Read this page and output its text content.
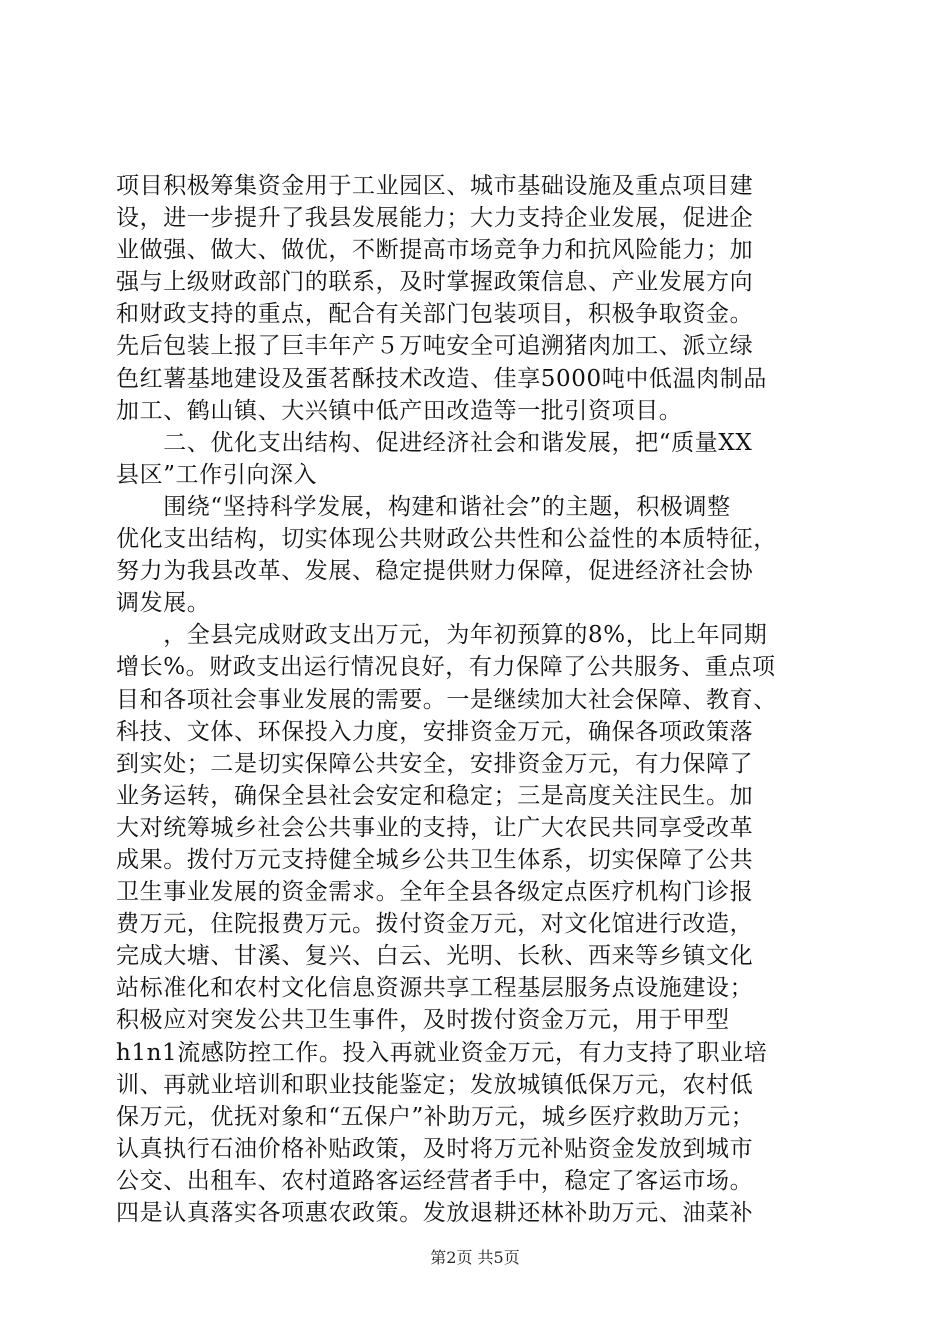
项目积极筹集资金用于工业园区、城市基础设施及重点项目建
设，进一步提升了我县发展能力；大力支持企业发展，促进企
业做强、做大、做优，不断提高市场竞争力和抗风险能力；加
强与上级财政部门的联系，及时掌握政策信息、产业发展方向
和财政支持的重点，配合有关部门包装项目，积极争取资金。
先后包装上报了巨丰年产５万吨安全可追溯猪肉加工、派立绿
色红薯基地建设及蛋茗酥技术改造、佳享5000吨中低温肉制品
加工、鹤山镇、大兴镇中低产田改造等一批引资项目。
　　二、优化支出结构、促进经济社会和谐发展，把“质量XX
县区”工作引向深入
　　围绕“坚持科学发展，构建和谐社会”的主题，积极调整
优化支出结构，切实体现公共财政公共性和公益性的本质特征，
努力为我县改革、发展、稳定提供财力保障，促进经济社会协
调发展。
　　，全县完成财政支出万元，为年初预算的8%，比上年同期
增长%。财政支出运行情况良好，有力保障了公共服务、重点项
目和各项社会事业发展的需要。一是继续加大社会保障、教育、
科技、文体、环保投入力度，安排资金万元，确保各项政策落
到实处；二是切实保障公共安全，安排资金万元，有力保障了
业务运转，确保全县社会安定和稳定；三是高度关注民生。加
大对统筹城乡社会公共事业的支持，让广大农民共同享受改革
成果。拨付万元支持健全城乡公共卫生体系，切实保障了公共
卫生事业发展的资金需求。全年全县各级定点医疗机构门诊报
费万元，住院报费万元。拨付资金万元，对文化馆进行改造，
完成大塘、甘溪、复兴、白云、光明、长秋、西来等乡镇文化
站标准化和农村文化信息资源共享工程基层服务点设施建设；
积极应对突发公共卫生事件，及时拨付资金万元，用于甲型
h1n1流感防控工作。投入再就业资金万元，有力支持了职业培
训、再就业培训和职业技能鉴定；发放城镇低保万元，农村低
保万元，优抚对象和“五保户”补助万元，城乡医疗救助万元；
认真执行石油价格补贴政策，及时将万元补贴资金发放到城市
公交、出租车、农村道路客运经营者手中，稳定了客运市场。
四是认真落实各项惠农政策。发放退耕还林补助万元、油菜补
第2页 共5页
